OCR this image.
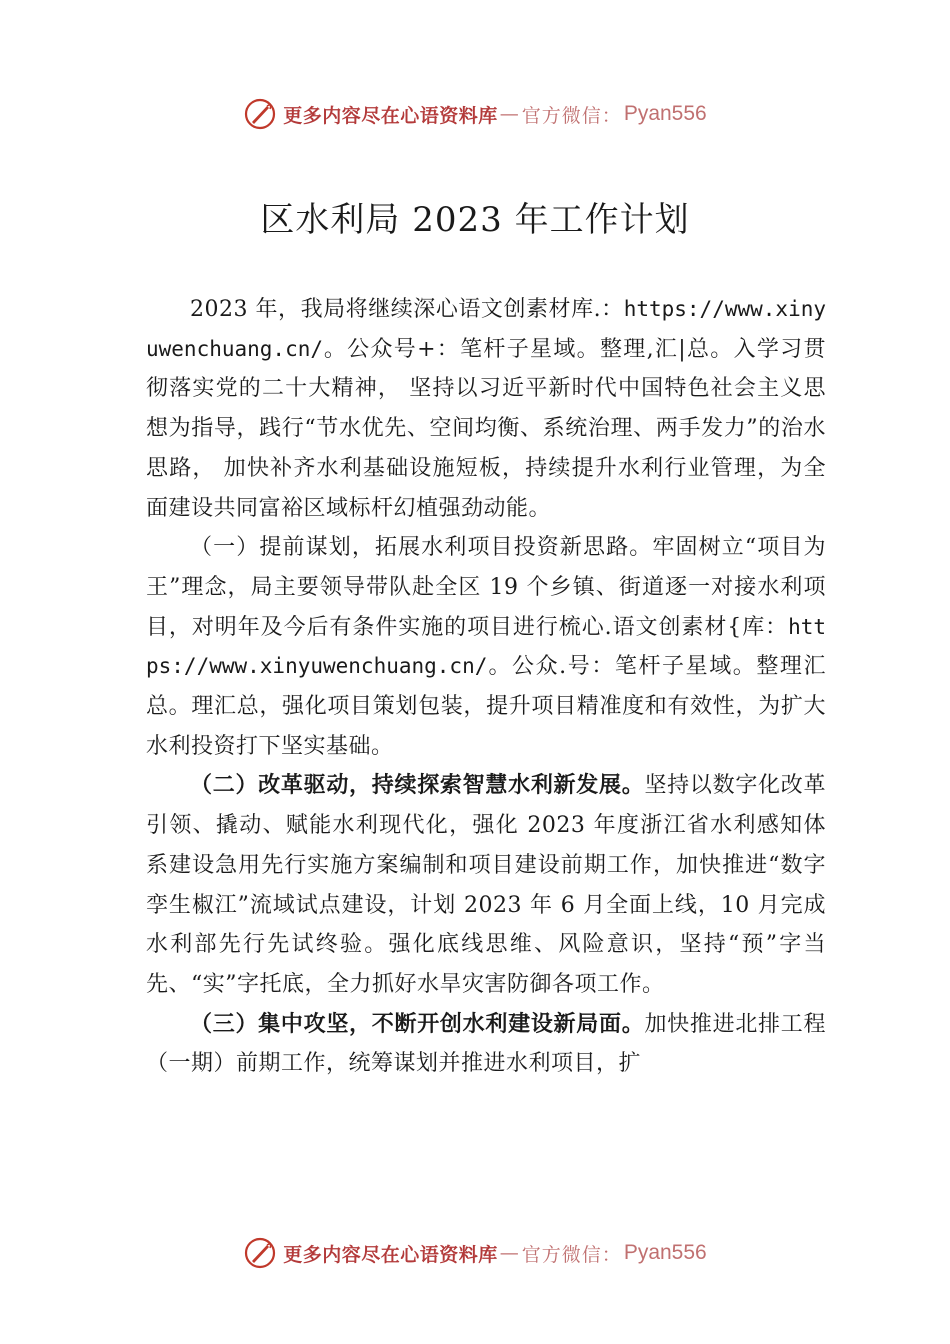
更多内容尽在心语资料库 — 官方微信： Pyan556
区水利局 2023 年工作计划

2023 年，我局将继续深心语文创素材库.：https://www.xinyuwenchuang.cn/。公众号+：笔杆子星域。整理,汇|总。入学习贯彻落实党的二十大精神， 坚持以习近平新时代中国特色社会主义思想为指导，践行“节水优先、空间均衡、系统治理、两手发力”的治水思路， 加快补齐水利基础设施短板，持续提升水利行业管理，为全 面建设共同富裕区域标杆幻植强劲动能。

（一）提前谋划，拓展水利项目投资新思路。牢固树立“项目为王”理念，局主要领导带队赴全区 19 个乡镇、街道逐一对接水利项目，对明年及今后有条件实施的项目进行梳心.语文创素材{库：https://www.xinyuwenchuang.cn/。公众.号：笔杆子星域。整理汇总。理汇总，强化项目策划包装，提升项目精准度和有效性，为扩大水利投资打下坚实基础。

（二）改革驱动，持续探索智慧水利新发展。坚持以数字化改革引领、撬动、赋能水利现代化，强化 2023 年度浙江省水利感知体系建设急用先行实施方案编制和项目建设前期工作，加快推进“数字孪生椒江”流域试点建设，计划 2023 年 6 月全面上线，10 月完成水利部先行先试终验。强化底线思维、风险意识，坚持“预”字当先、“实”字托底，全力抓好水旱灾害防御各项工作。

（三）集中攻坚，不断开创水利建设新局面。加快推进北排工程（一期）前期工作，统筹谋划并推进水利项目，扩

更多内容尽在心语资料库 — 官方微信： Pyan556
